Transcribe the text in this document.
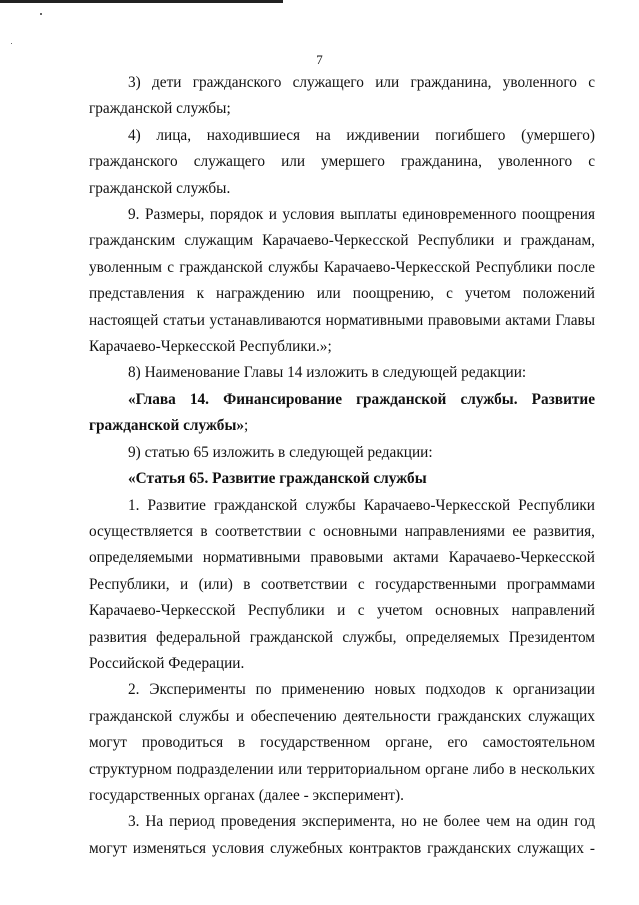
7

3) дети гражданского служащего или гражданина, уволенного с гражданской службы;

4) лица, находившиеся на иждивении погибшего (умершего) гражданского служащего или умершего гражданина, уволенного с гражданской службы.

9. Размеры, порядок и условия выплаты единовременного поощрения гражданским служащим Карачаево-Черкесской Республики и гражданам, уволенным с гражданской службы Карачаево-Черкесской Республики после представления к награждению или поощрению, с учетом положений настоящей статьи устанавливаются нормативными правовыми актами Главы Карачаево-Черкесской Республики.»;

8) Наименование Главы 14 изложить в следующей редакции:

«Глава 14. Финансирование гражданской службы. Развитие гражданской службы»;

9) статью 65 изложить в следующей редакции:

«Статья 65. Развитие гражданской службы

1. Развитие гражданской службы Карачаево-Черкесской Республики осуществляется в соответствии с основными направлениями ее развития, определяемыми нормативными правовыми актами Карачаево-Черкесской Республики, и (или) в соответствии с государственными программами Карачаево-Черкесской Республики и с учетом основных направлений развития федеральной гражданской службы, определяемых Президентом Российской Федерации.

2. Эксперименты по применению новых подходов к организации гражданской службы и обеспечению деятельности гражданских служащих могут проводиться в государственном органе, его самостоятельном структурном подразделении или территориальном органе либо в нескольких государственных органах (далее - эксперимент).

3. На период проведения эксперимента, но не более чем на один год могут изменяться условия служебных контрактов гражданских служащих -
